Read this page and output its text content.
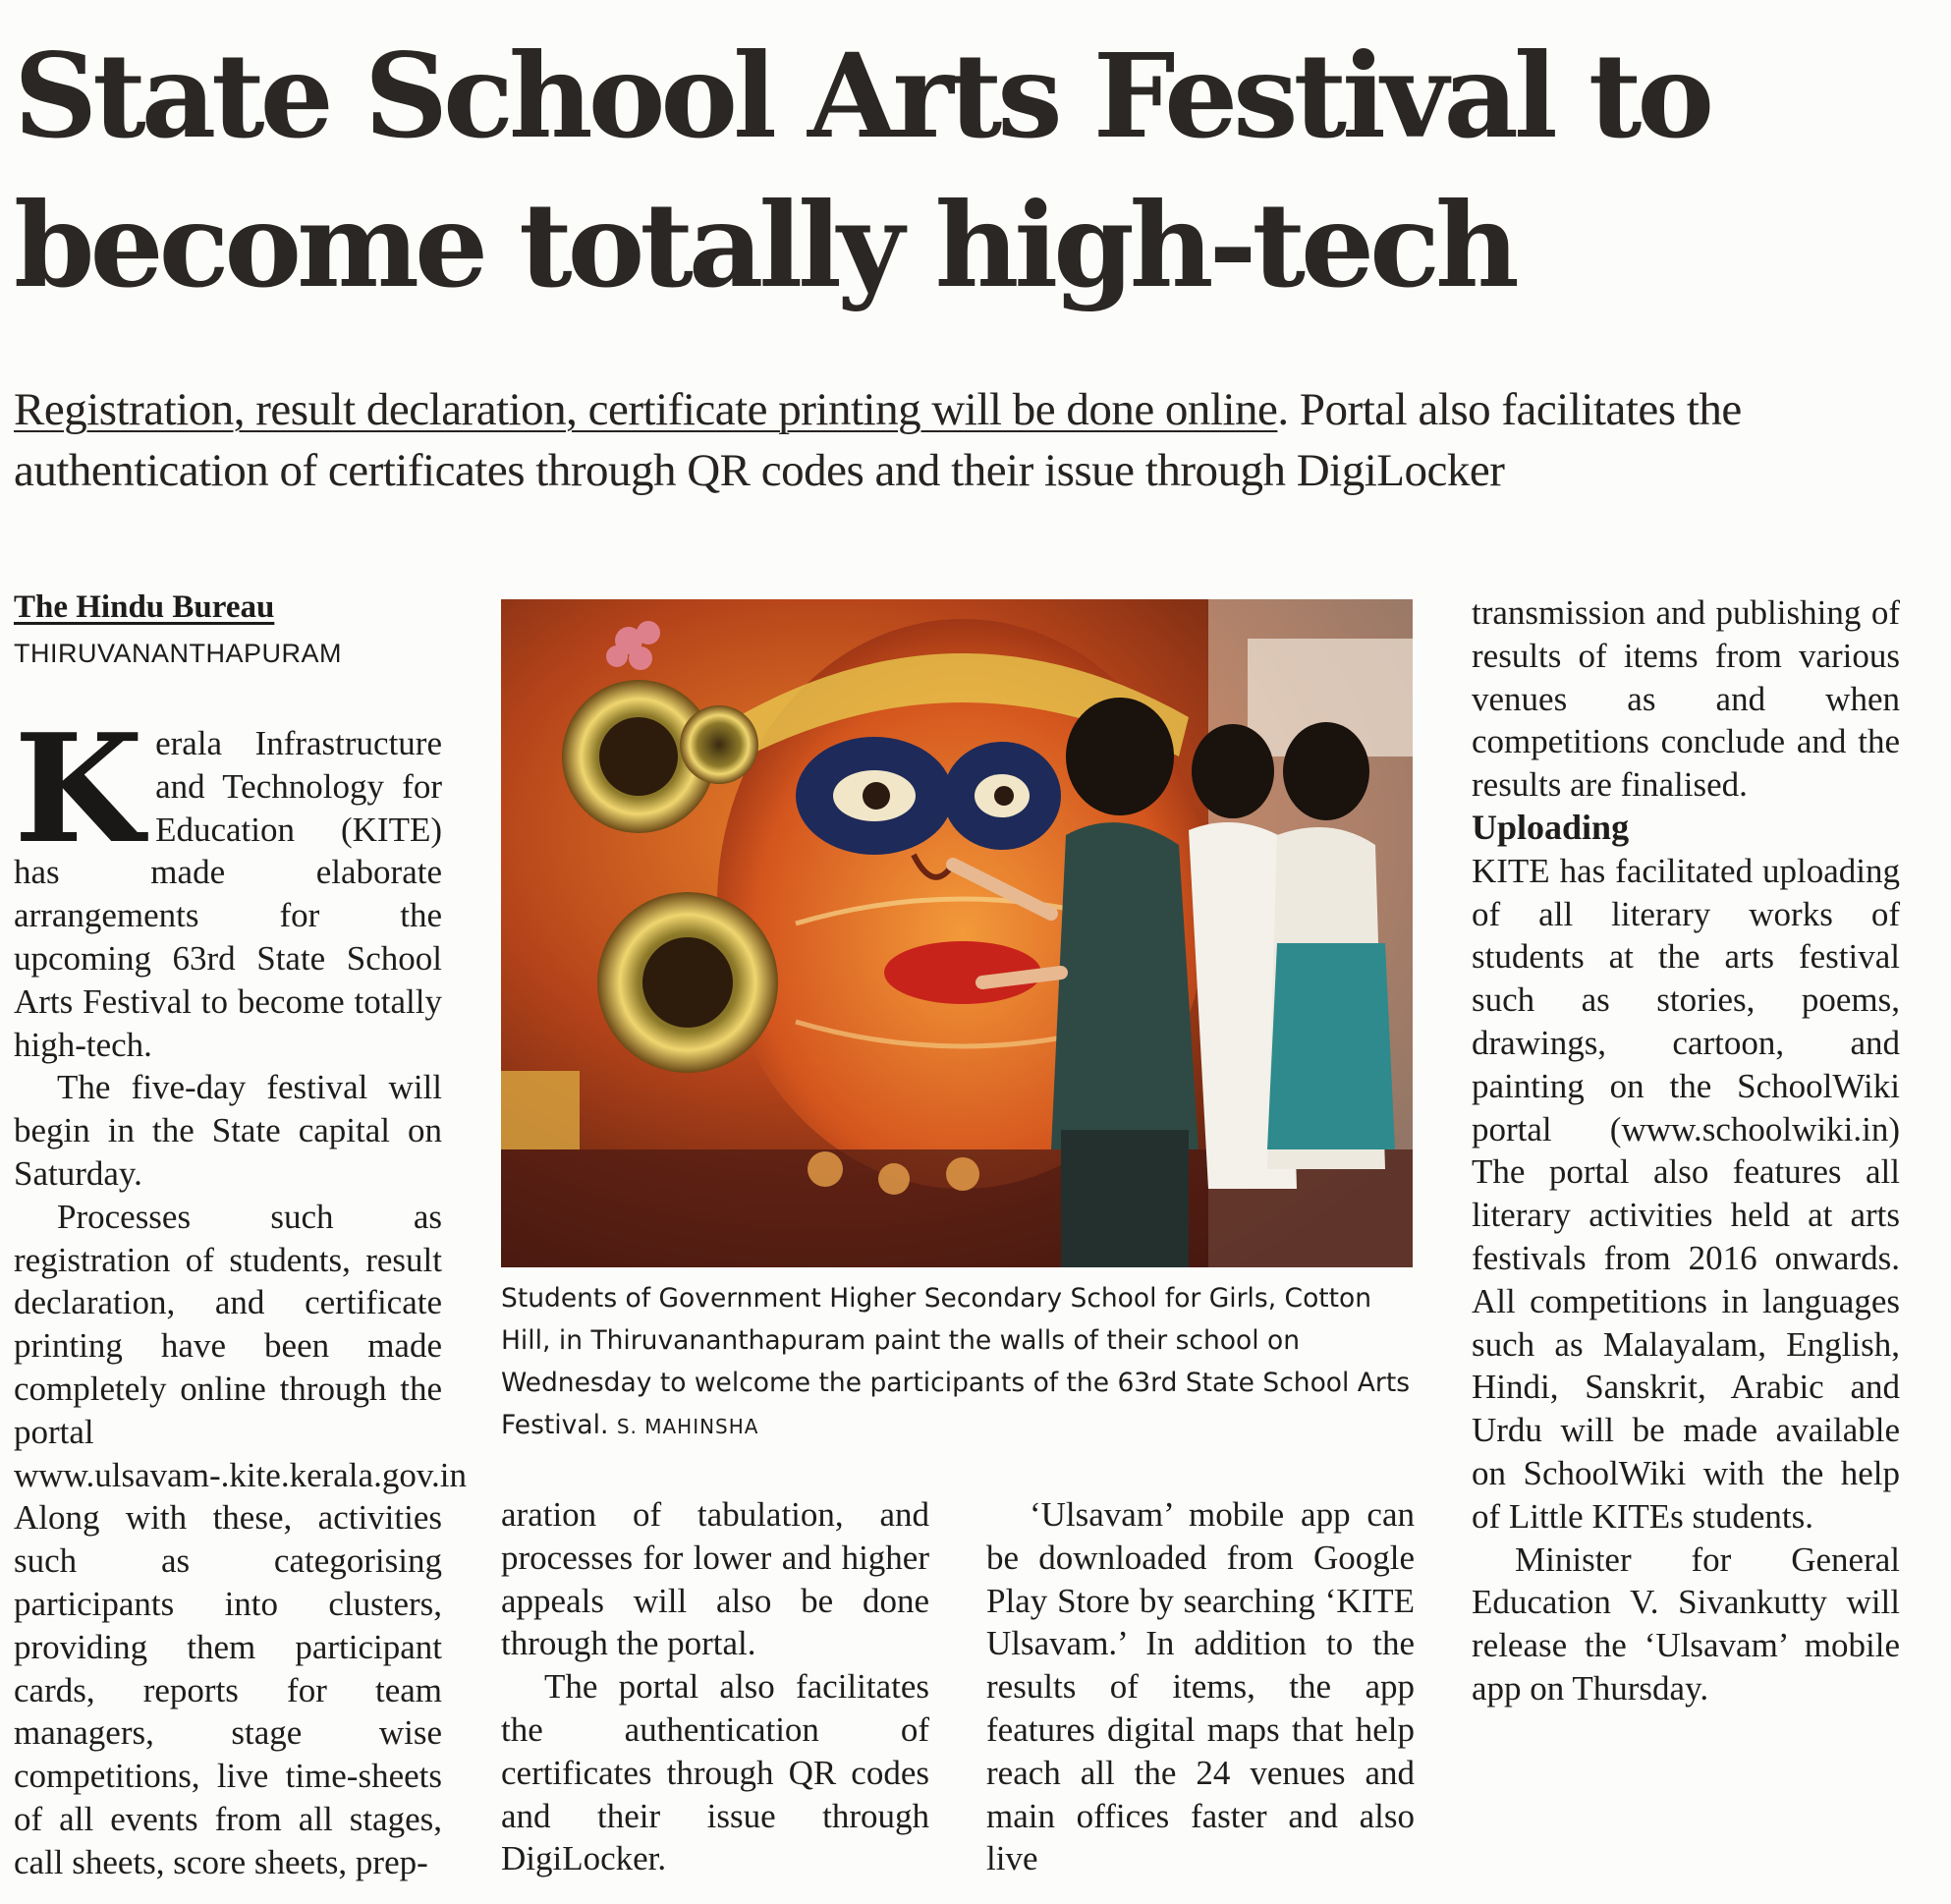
State School Arts Festival to become totally high-tech

Registration, result declaration, certificate printing will be done online. Portal also facilitates the authentication of certificates through QR codes and their issue through DigiLocker

The Hindu Bureau

THIRUVANANTHAPURAM

Kerala Infrastructure and Technology for Education (KITE) has made elaborate arrangements for the upcoming 63rd State School Arts Festival to become totally high-tech.

The five-day festival will begin in the State capital on Saturday.

Processes such as registration of students, result declaration, and certificate printing have been made completely online through the portal www.ulsavam-.kite.kerala.gov.in Along with these, activities such as categorising participants into clusters, providing them participant cards, reports for team managers, stage wise competitions, live time-sheets of all events from all stages, call sheets, score sheets, prep-

Students of Government Higher Secondary School for Girls, Cotton Hill, in Thiruvananthapuram paint the walls of their school on Wednesday to welcome the participants of the 63rd State School Arts Festival. S. MAHINSHA

aration of tabulation, and processes for lower and higher appeals will also be done through the portal.

The portal also facilitates the authentication of certificates through QR codes and their issue through DigiLocker.

‘Ulsavam’ mobile app can be downloaded from Google Play Store by searching ‘KITE Ulsavam.’ In addition to the results of items, the app features digital maps that help reach all the 24 venues and main offices faster and also live

transmission and publishing of results of items from various venues as and when competitions conclude and the results are finalised.

Uploading

KITE has facilitated uploading of all literary works of students at the arts festival such as stories, poems, drawings, cartoon, and painting on the SchoolWiki portal (www.schoolwiki.in) The portal also features all literary activities held at arts festivals from 2016 onwards. All competitions in languages such as Malayalam, English, Hindi, Sanskrit, Arabic and Urdu will be made available on SchoolWiki with the help of Little KITEs students.

Minister for General Education V. Sivankutty will release the ‘Ulsavam’ mobile app on Thursday.
